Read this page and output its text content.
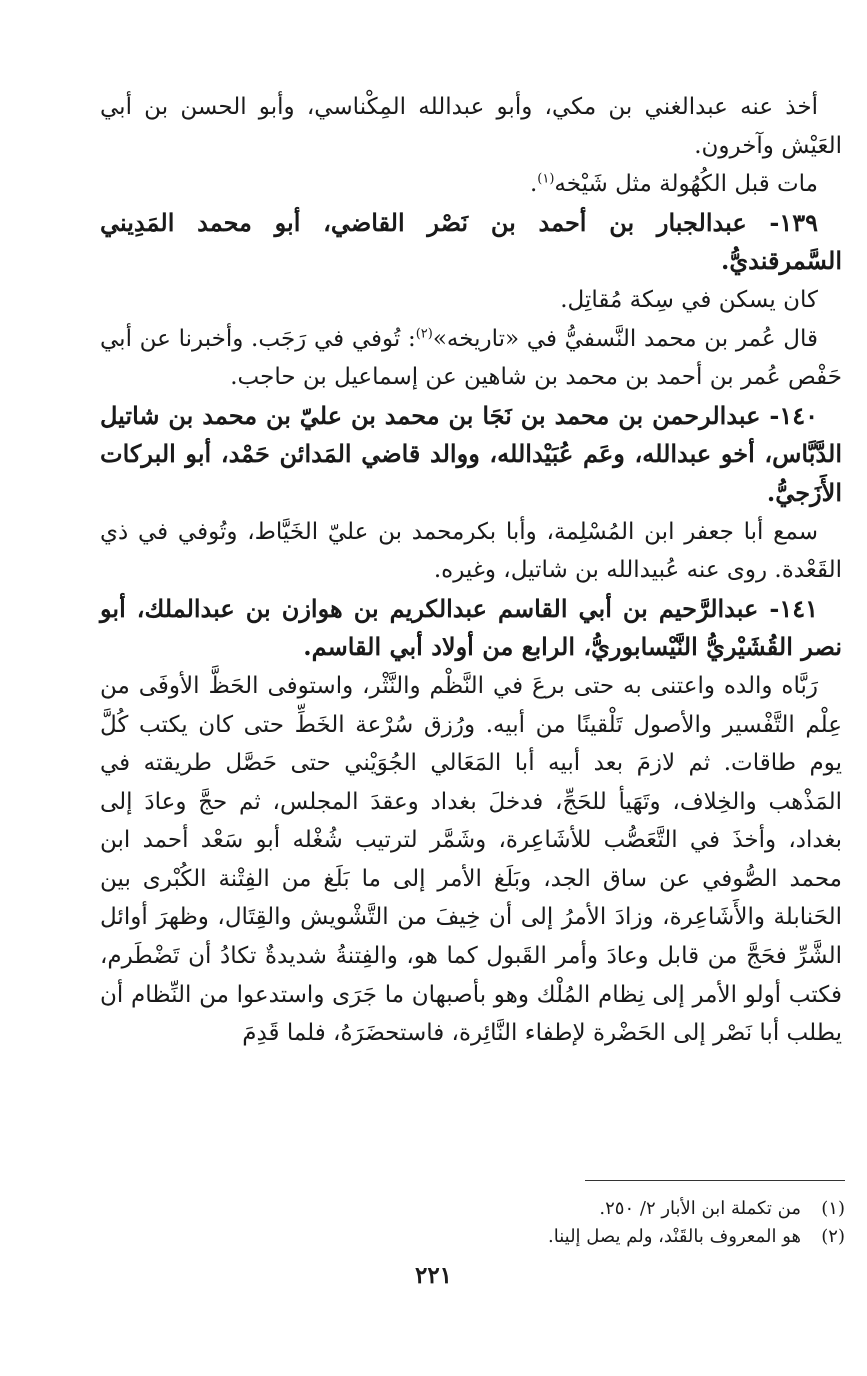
أخذ عنه عبدالغني بن مكي، وأبو عبدالله المِكْناسي، وأبو الحسن بن أبي العَيْش وآخرون.

مات قبل الكُهُولة مثل شَيْخه$^{(١)}$.

١٣٩- عبدالجبار بن أحمد بن نَصْر القاضي، أبو محمد المَدِيني السَّمرقنديُّ.

كان يسكن في سِكة مُقاتِل.

قال عُمر بن محمد النَّسفيُّ في «تاريخه»$^{(٢)}$: تُوفي في رَجَب. وأخبرنا عن أبي حَفْص عُمر بن أحمد بن محمد بن شاهين عن إسماعيل بن حاجب.

١٤٠- عبدالرحمن بن محمد بن نَجَا بن محمد بن عليّ بن محمد بن شاتيل الدَّبَّاس، أخو عبدالله، وعَم عُبَيْدالله، ووالد قاضي المَدائن حَمْد، أبو البركات الأَزَجيُّ.

سمع أبا جعفر ابن المُسْلِمة، وأبا بكرمحمد بن عليّ الخَيَّاط، وتُوفي في ذي القَعْدة. روى عنه عُبيدالله بن شاتيل، وغيره.

١٤١- عبدالرَّحيم بن أبي القاسم عبدالكريم بن هوازن بن عبدالملك، أبو نصر القُشَيْريُّ النَّيْسابوريُّ، الرابع من أولاد أبي القاسم.

رَبَّاه والده واعتنى به حتى برعَ في النَّظْم والنَّثْر، واستوفى الحَظَّ الأوفَى من عِلْم التَّفْسير والأصول تَلْقينًا من أبيه. ورُزق سُرْعة الخَطِّ حتى كان يكتب كُلَّ يوم طاقات. ثم لازمَ بعد أبيه أبا المَعَالي الجُوَيْني حتى حَصَّل طريقته في المَذْهب والخِلاف، وتَهَيأ للحَجِّ، فدخلَ بغداد وعقدَ المجلس، ثم حجَّ وعادَ إلى بغداد، وأخذَ في التَّعَصُّب للأشَاعِرة، وشَمَّر لترتيب شُغْله أبو سَعْد أحمد ابن محمد الصُّوفي عن ساق الجد، وبَلَغ الأمر إلى ما بَلَغ من الفِتْنة الكُبْرى بين الحَنابلة والأَشَاعِرة، وزادَ الأمرُ إلى أن خِيفَ من التَّشْويش والقِتَال، وظهرَ أوائل الشَّرِّ فحَجَّ من قابل وعادَ وأمر القَبول كما هو، والفِتنةُ شديدةٌ تكادُ أن تَضْطَرم، فكتب أولو الأمر إلى نِظام المُلْك وهو بأصبهان ما جَرَى واستدعوا من النِّظام أن يطلب أبا نَصْر إلى الحَضْرة لإطفاء النَّائِرة، فاستحضَرَهُ، فلما قَدِمَ

(١)
من تكملة ابن الأبار ٢/ ٢٥٠.
(٢)
هو المعروف بالقَنْد، ولم يصل إلينا.
٢٢١
